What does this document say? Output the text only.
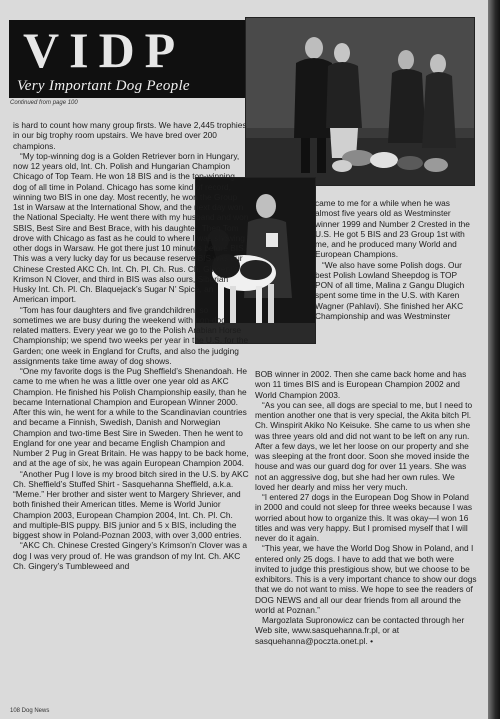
VIDP
Very Important Dog People
Continued from page 100

is hard to count how many group firsts. We have 2,445 trophies in our big trophy room upstairs. We have bred over 200 champions.

“My top-winning dog is a Golden Retriever born in Hungary, now 12 years old, Int. Ch. Polish and Hungarian Champion Chicago of Top Team. He won 18 BIS and is the top-winning dog of all time in Poland. Chicago has some kind of record, winning two BIS in one day. Most recently, he won the Group 1st in Warsaw at the International Show, and the next day won the National Specialty. He went there with my husband and won SBIS, Best Sire and Best Brace, with his daughter. Then Tom drove with Chicago as fast as he could to where I was showing other dogs in Warsaw. He got there just 10 minutes before BIS. This was a very lucky day for us because reserve BIS was our Chinese Crested AKC Ch. Int. Ch. Pl. Ch. Rus. Ch. Gingery’s Krimson N Clover, and third in BIS was also ours, Siberian Husky Int. Ch. Pl. Ch. Blaquejack’s Sugar N’ Spice, an American import.

“Tom has four daughters and five grandchildren, so sometimes we are busy during the weekend with non-dog related matters. Every year we go to the Polish Arabian Horse Championship; we spend two weeks per year in the U.S. for the Garden; one week in England for Crufts, and also the judging assignments take time away of dog shows.

“One my favorite dogs is the Pug Sheffield’s Shenandoah. He came to me when he was a little over one year old as AKC Champion. He finished his Polish Championship easily, than he became International Champion and European Winner 2000. After this win, he went for a while to the Scandinavian countries and became a Finnish, Swedish, Danish and Norwegian Champion and two-time Best Sire in Sweden. Then he went to England for one year and became English Champion and Number 2 Pug in Great Britain. He was happy to be back home, and at the age of six, he was again European Champion 2004.

“Another Pug I love is my brood bitch sired in the U.S. by AKC Ch. Sheffield’s Stuffed Shirt - Sasquehanna Sheffield, a.k.a. “Meme.” Her brother and sister went to Margery Shriever, and both finished their American titles. Meme is World Junior Champion 2003, European Champion 2004, Int. Ch. Pl. Ch. and multiple-BIS puppy. BIS junior and 5 x BIS, including the biggest show in Poland-Poznan 2003, with over 3,000 entries.

“AKC Ch. Chinese Crested Gingery’s Krimson’n Clover was a dog I was very proud of. He was grandson of my Int. Ch. AKC Ch. Gingery’s Tumbleweed and

came to me for a while when he was almost five years old as Westminster winner 1999 and Number 2 Crested in the U.S. He got 5 BIS and 23 Group 1st with me, and he produced many World and European Champions.

“We also have some Polish dogs. Our best Polish Lowland Sheepdog is TOP PON of all time, Malina z Gangu Dlugich spent some time in the U.S. with Karen Wagner (Pahlavi). She finished her AKC Championship and was Westminster

BOB winner in 2002. Then she came back home and has won 11 times BIS and is European Champion 2002 and World Champion 2003.

“As you can see, all dogs are special to me, but I need to mention another one that is very special, the Akita bitch Pl. Ch. Winspirit Akiko No Keisuke. She came to us when she was three years old and did not want to be left on any run. After a few days, we let her loose on our property and she was sleeping at the front door. Soon she moved inside the house and was our guard dog for over 11 years. She was not an aggressive dog, but she had her own rules. We loved her dearly and miss her very much.

“I entered 27 dogs in the European Dog Show in Poland in 2000 and could not sleep for three weeks because I was worried about how to organize this. It was okay—I won 16 titles and was very happy. But I promised myself that I will never do it again.

“This year, we have the World Dog Show in Poland, and I entered only 25 dogs. I have to add that we both were invited to judge this prestigious show, but we choose to be exhibitors. This is a very important chance to show our dogs that we do not want to miss. We hope to see the readers of DOG NEWS and all our dear friends from all around the world at Poznan.”

Margozlata Supronowicz can be contacted through her Web site, www.sasquehanna.fr.pl, or at sasquehanna@poczta.onet.pl. •

108 Dog News
